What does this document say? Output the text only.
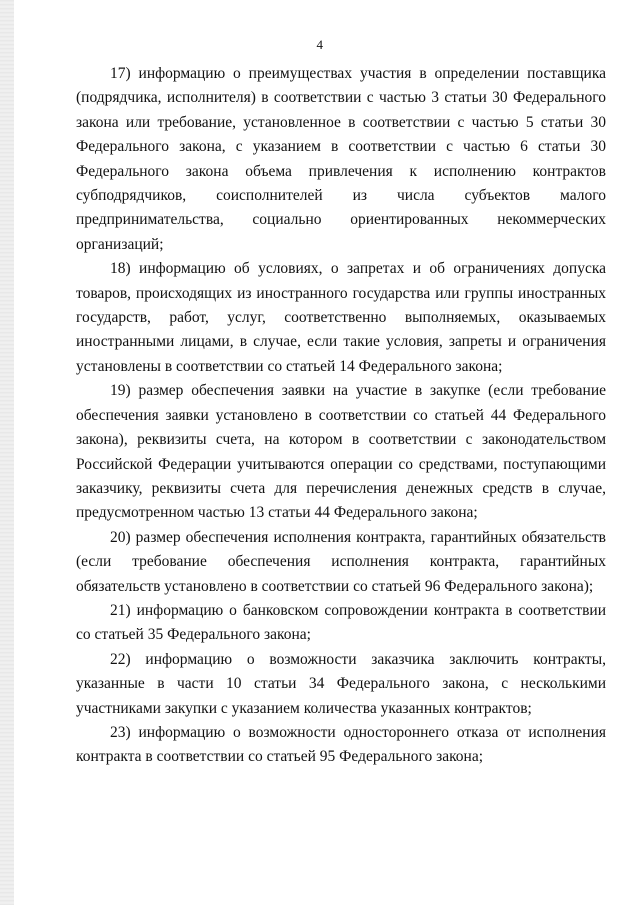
4

17) информацию о преимуществах участия в определении поставщика (подрядчика, исполнителя) в соответствии с частью 3 статьи 30 Федерального закона или требование, установленное в соответствии с частью 5 статьи 30 Федерального закона, с указанием в соответствии с частью 6 статьи 30 Федерального закона объема привлечения к исполнению контрактов субподрядчиков, соисполнителей из числа субъектов малого предпринимательства, социально ориентированных некоммерческих организаций;

18) информацию об условиях, о запретах и об ограничениях допуска товаров, происходящих из иностранного государства или группы иностранных государств, работ, услуг, соответственно выполняемых, оказываемых иностранными лицами, в случае, если такие условия, запреты и ограничения установлены в соответствии со статьей 14 Федерального закона;

19) размер обеспечения заявки на участие в закупке (если требование обеспечения заявки установлено в соответствии со статьей 44 Федерального закона), реквизиты счета, на котором в соответствии с законодательством Российской Федерации учитываются операции со средствами, поступающими заказчику, реквизиты счета для перечисления денежных средств в случае, предусмотренном частью 13 статьи 44 Федерального закона;

20) размер обеспечения исполнения контракта, гарантийных обязательств (если требование обеспечения исполнения контракта, гарантийных обязательств установлено в соответствии со статьей 96 Федерального закона);

21) информацию о банковском сопровождении контракта в соответствии со статьей 35 Федерального закона;

22) информацию о возможности заказчика заключить контракты, указанные в части 10 статьи 34 Федерального закона, с несколькими участниками закупки с указанием количества указанных контрактов;

23) информацию о возможности одностороннего отказа от исполнения контракта в соответствии со статьей 95 Федерального закона;
